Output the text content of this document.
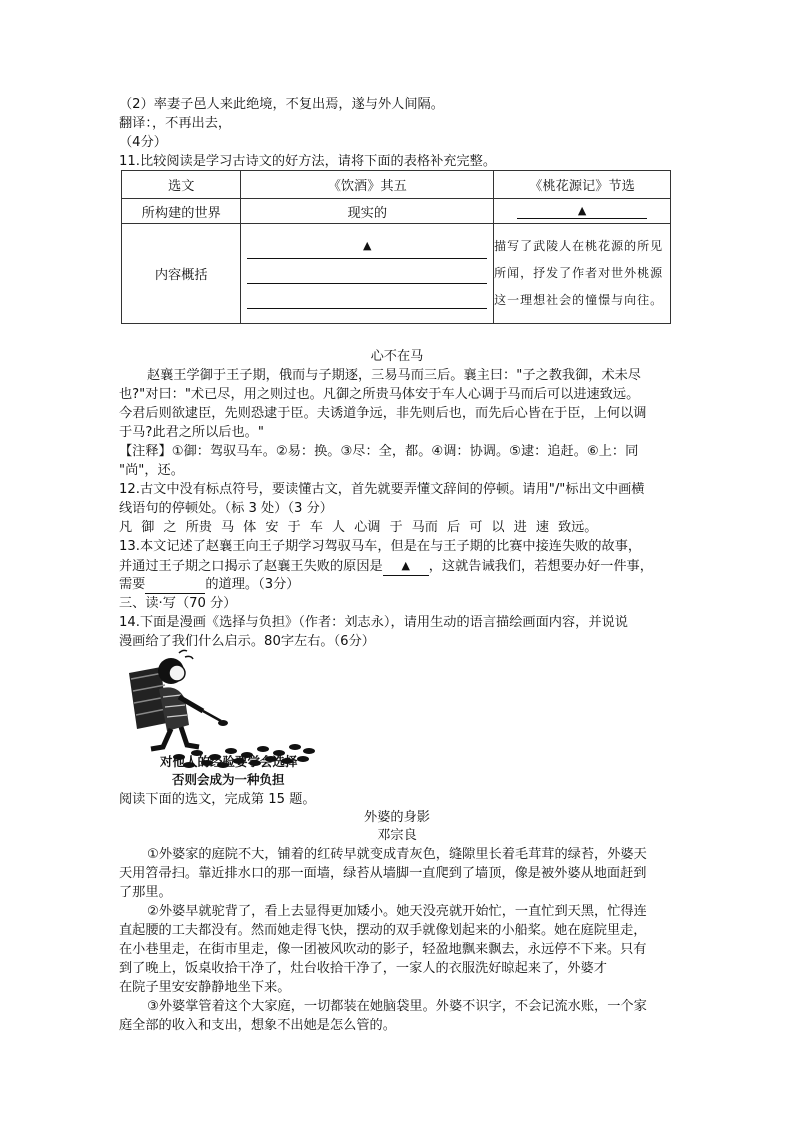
（2）率妻子邑人来此绝境，不复出焉，遂与外人间隔。
翻译：，不再出去，
（4分）
11.比较阅读是学习古诗文的好方法，请将下面的表格补充完整。
选文	《饮酒》其五	《桃花源记》节选
所构建的世界	现实的	▲
内容概括	▲	描写了武陵人在桃花源的所见所闻，抒发了作者对世外桃源这一理想社会的憧憬与向往。
心不在马
赵襄王学御于王子期，俄而与子期逐，三易马而三后。襄主曰："子之教我御，术未尽
也?"对曰："术已尽，用之则过也。凡御之所贵马体安于车人心调于马而后可以进速致远。
今君后则欲逮臣，先则恐逮于臣。夫诱道争远，非先则后也，而先后心皆在于臣，上何以调
于马?此君之所以后也。"
【注释】①御：驾驭马车。②易：换。③尽：全，都。④调：协调。⑤逮：追赶。⑥上：同
"尚"，还。
12.古文中没有标点符号，要读懂古文，首先就要弄懂文辞间的停顿。请用"/"标出文中画横
线语句的停顿处。（标 3 处）（3 分）
凡 御 之 所贵 马 体 安 于 车 人 心调 于 马而 后 可 以 进 速 致远。
13.本文记述了赵襄王向王子期学习驾驭马车，但是在与王子期的比赛中接连失败的故事，
并通过王子期之口揭示了赵襄王失败的原因是 ▲ ，这就告诫我们，若想要办好一件事，
需要	的道理。（3分）
三、读·写（70 分）
14.下面是漫画《选择与负担》（作者：刘志永），请用生动的语言描绘画面内容，并说说
漫画给了我们什么启示。80字左右。（6分）
对他人的经验要学会选择
否则会成为一种负担
阅读下面的选文，完成第 15 题。
外婆的身影
邓宗良
①外婆家的庭院不大，铺着的红砖早就变成青灰色，缝隙里长着毛茸茸的绿苔，外婆天
天用笤帚扫。靠近排水口的那一面墙，绿苔从墙脚一直爬到了墙顶，像是被外婆从地面赶到
了那里。
②外婆早就驼背了，看上去显得更加矮小。她天没亮就开始忙，一直忙到天黑，忙得连
直起腰的工夫都没有。然而她走得飞快，摆动的双手就像划起来的小船桨。她在庭院里走，
在小巷里走，在街市里走，像一团被风吹动的影子，轻盈地飘来飘去，永远停不下来。只有
到了晚上，饭桌收拾干净了，灶台收拾干净了，一家人的衣服洗好晾起来了，外婆才
在院子里安安静静地坐下来。
③外婆掌管着这个大家庭，一切都装在她脑袋里。外婆不识字，不会记流水账，一个家
庭全部的收入和支出，想象不出她是怎么管的。
